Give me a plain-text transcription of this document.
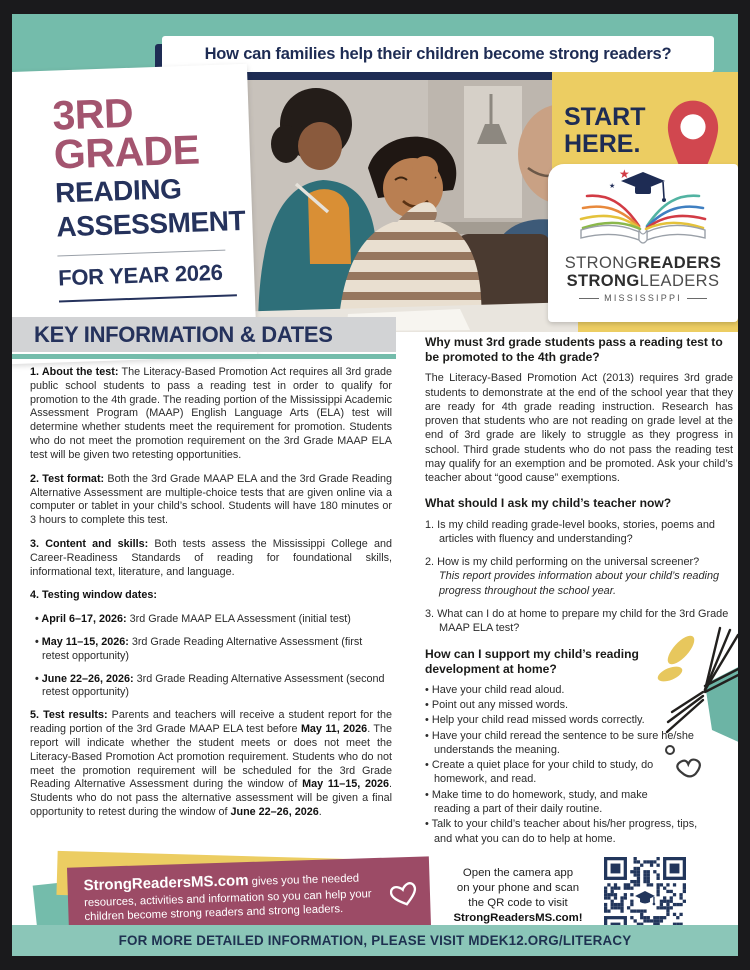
How can families help their children become strong readers?
3RD
GRADE
READING
ASSESSMENT
FOR YEAR 2026
START
HERE.
★
★
STRONGREADERS
STRONGLEADERS
MISSISSIPPI
KEY INFORMATION & DATES

1. About the test: The Literacy-Based Promotion Act requires all 3rd grade public school students to pass a reading test in order to qualify for promotion to the 4th grade. The reading portion of the Mississippi Academic Assessment Program (MAAP) English Language Arts (ELA) test will determine whether students meet the requirement for promotion. Students who do not meet the promotion requirement on the 3rd Grade MAAP ELA test will be given two retesting opportunities.

2. Test format: Both the 3rd Grade MAAP ELA and the 3rd Grade Reading Alternative Assessment are multiple-choice tests that are given online via a computer or tablet in your child’s school. Students will have 180 minutes or 3 hours to complete this test.

3. Content and skills: Both tests assess the Mississippi College and Career-Readiness Standards of reading for foundational skills, informational text, literature, and language.

4. Testing window dates:

• April 6–17, 2026: 3rd Grade MAAP ELA Assessment (initial test)
• May 11–15, 2026: 3rd Grade Reading Alternative Assessment (first retest opportunity)
• June 22–26, 2026: 3rd Grade Reading Alternative Assessment (second retest opportunity)

5. Test results: Parents and teachers will receive a student report for the reading portion of the 3rd Grade MAAP ELA test before May 11, 2026. The report will indicate whether the student meets or does not meet the Literacy-Based Promotion Act promotion requirement. Students who do not meet the promotion requirement will be scheduled for the 3rd Grade Reading Alternative Assessment during the window of May 11–15, 2026. Students who do not pass the alternative assessment will be given a final opportunity to retest during the window of June 22–26, 2026.

Why must 3rd grade students pass a reading test to be promoted to the 4th grade?
The Literacy-Based Promotion Act (2013) requires 3rd grade students to demonstrate at the end of the school year that they are ready for 4th grade reading instruction. Research has proven that students who are not reading on grade level at the end of 3rd grade are likely to struggle as they progress in school. Third grade students who do not pass the reading test may qualify for an exemption and be promoted. Ask your child’s teacher about “good cause” exemptions.
What should I ask my child’s teacher now?
1. Is my child reading grade-level books, stories, poems and articles with fluency and understanding?
2. How is my child performing on the universal screener?
This report provides information about your child’s reading progress throughout the school year.
3. What can I do at home to prepare my child for the 3rd Grade MAAP ELA test?
How can I support my child’s reading development at home?
• Have your child read aloud.
• Point out any missed words.
• Help your child read missed words correctly.
• Have your child reread the sentence to be sure he/she understands the meaning.
• Create a quiet place for your child to study, do homework, and read.
• Make time to do homework, study, and make reading a part of their daily routine.
• Talk to your child’s teacher about his/her progress, tips, and what you can do to help at home.
StrongReadersMS.com gives you the needed resources, activities and information so you can help your children become strong readers and strong leaders.
Open the camera app
on your phone and scan
the QR code to visit
StrongReadersMS.com!
FOR MORE DETAILED INFORMATION, PLEASE VISIT MDEK12.ORG/LITERACY
